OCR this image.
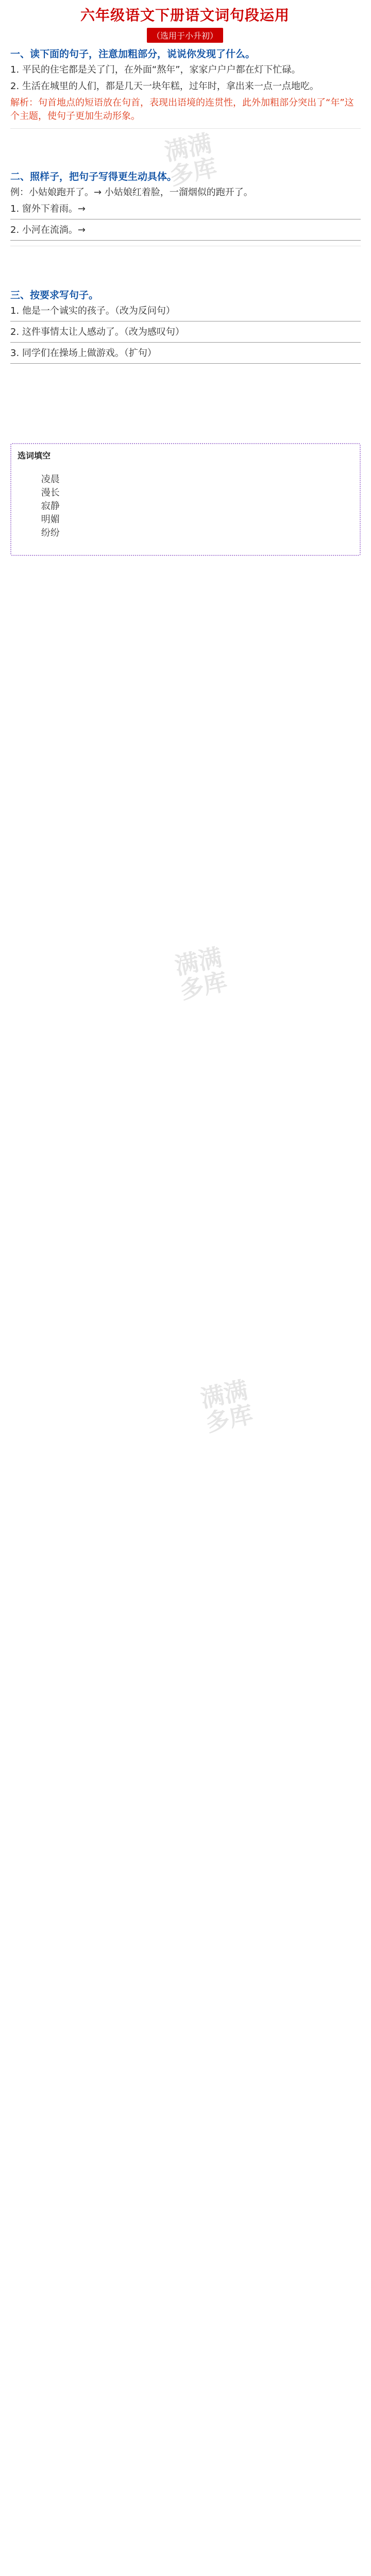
满满多库
满满多库
满满多库
六年级语文下册语文词句段运用
（选用于小升初）
一、读下面的句子，注意加粗部分，说说你发现了什么。

1. 平民的住宅都是关了门，在外面“熬年”，家家户户户都在灯下忙碌。

2. 生活在城里的人们，都是几天一块年糕，过年时，拿出来一点一点地吃。

解析：句首地点的短语放在句首，表现出语境的连贯性，此外加粗部分突出了“年”这个主题，使句子更加生动形象。

二、照样子，把句子写得更生动具体。

例：小姑娘跑开了。→ 小姑娘红着脸，一溜烟似的跑开了。

1. 窗外下着雨。→

2. 小河在流淌。→

三、按要求写句子。

1. 他是一个诚实的孩子。（改为反问句）

2. 这件事情太让人感动了。（改为感叹句）

3. 同学们在操场上做游戏。（扩句）

选词填空

凌晨
漫长
寂静
明媚
纷纷
